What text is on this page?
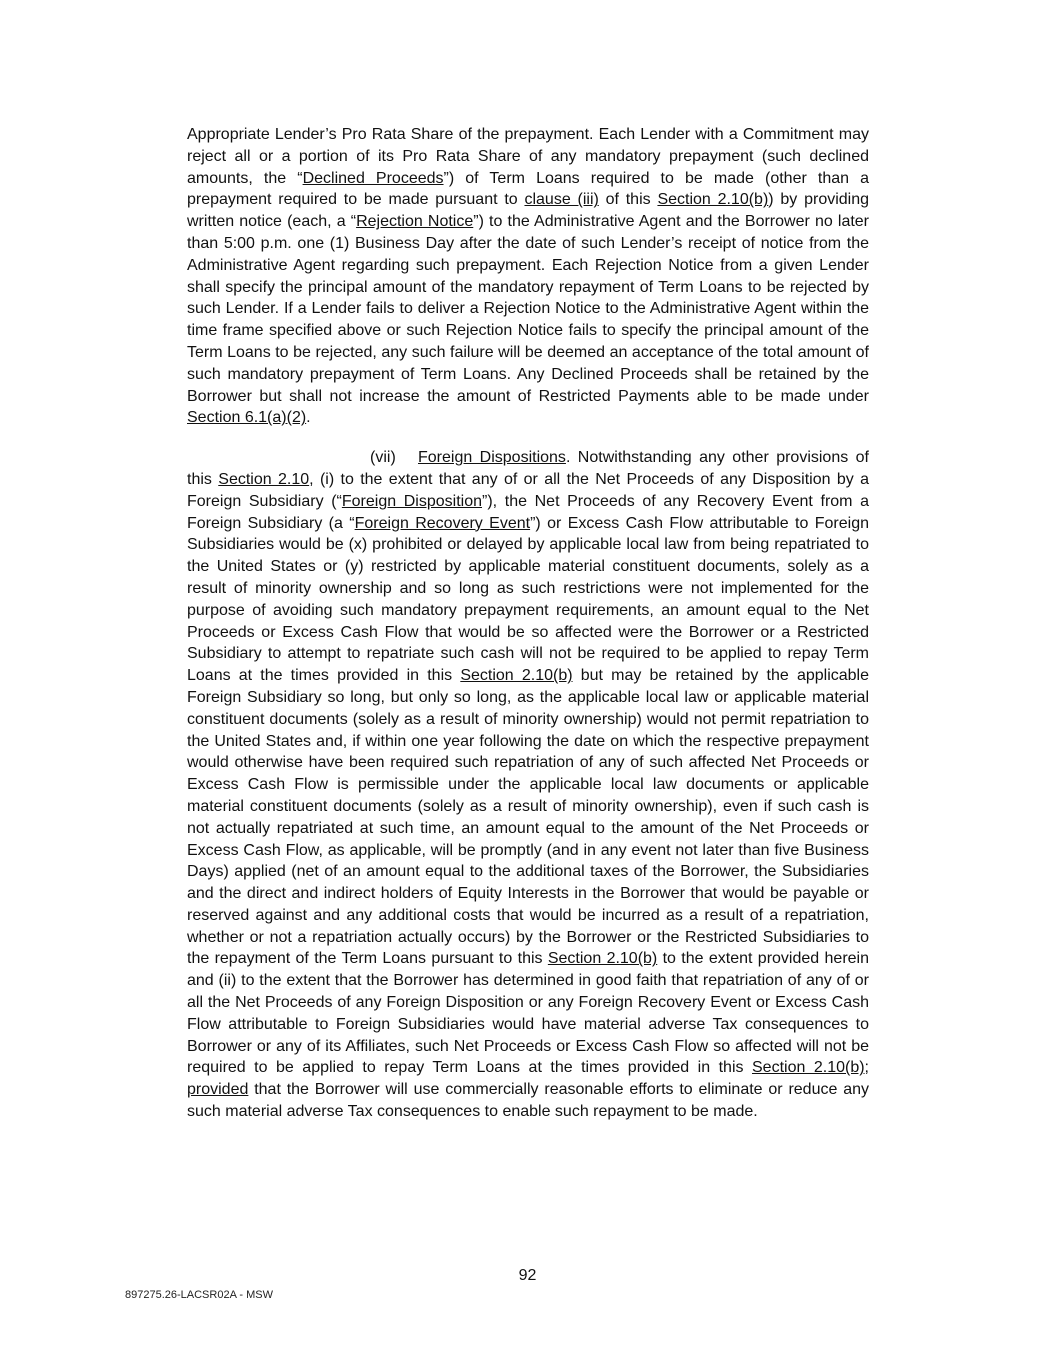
Appropriate Lender’s Pro Rata Share of the prepayment. Each Lender with a Commitment may reject all or a portion of its Pro Rata Share of any mandatory prepayment (such declined amounts, the “Declined Proceeds”) of Term Loans required to be made (other than a prepayment required to be made pursuant to clause (iii) of this Section 2.10(b)) by providing written notice (each, a “Rejection Notice”) to the Administrative Agent and the Borrower no later than 5:00 p.m. one (1) Business Day after the date of such Lender’s receipt of notice from the Administrative Agent regarding such prepayment. Each Rejection Notice from a given Lender shall specify the principal amount of the mandatory repayment of Term Loans to be rejected by such Lender. If a Lender fails to deliver a Rejection Notice to the Administrative Agent within the time frame specified above or such Rejection Notice fails to specify the principal amount of the Term Loans to be rejected, any such failure will be deemed an acceptance of the total amount of such mandatory prepayment of Term Loans. Any Declined Proceeds shall be retained by the Borrower but shall not increase the amount of Restricted Payments able to be made under Section 6.1(a)(2).

(vii) Foreign Dispositions. Notwithstanding any other provisions of this Section 2.10, (i) to the extent that any of or all the Net Proceeds of any Disposition by a Foreign Subsidiary (“Foreign Disposition”), the Net Proceeds of any Recovery Event from a Foreign Subsidiary (a “Foreign Recovery Event”) or Excess Cash Flow attributable to Foreign Subsidiaries would be (x) prohibited or delayed by applicable local law from being repatriated to the United States or (y) restricted by applicable material constituent documents, solely as a result of minority ownership and so long as such restrictions were not implemented for the purpose of avoiding such mandatory prepayment requirements, an amount equal to the Net Proceeds or Excess Cash Flow that would be so affected were the Borrower or a Restricted Subsidiary to attempt to repatriate such cash will not be required to be applied to repay Term Loans at the times provided in this Section 2.10(b) but may be retained by the applicable Foreign Subsidiary so long, but only so long, as the applicable local law or applicable material constituent documents (solely as a result of minority ownership) would not permit repatriation to the United States and, if within one year following the date on which the respective prepayment would otherwise have been required such repatriation of any of such affected Net Proceeds or Excess Cash Flow is permissible under the applicable local law documents or applicable material constituent documents (solely as a result of minority ownership), even if such cash is not actually repatriated at such time, an amount equal to the amount of the Net Proceeds or Excess Cash Flow, as applicable, will be promptly (and in any event not later than five Business Days) applied (net of an amount equal to the additional taxes of the Borrower, the Subsidiaries and the direct and indirect holders of Equity Interests in the Borrower that would be payable or reserved against and any additional costs that would be incurred as a result of a repatriation, whether or not a repatriation actually occurs) by the Borrower or the Restricted Subsidiaries to the repayment of the Term Loans pursuant to this Section 2.10(b) to the extent provided herein and (ii) to the extent that the Borrower has determined in good faith that repatriation of any of or all the Net Proceeds of any Foreign Disposition or any Foreign Recovery Event or Excess Cash Flow attributable to Foreign Subsidiaries would have material adverse Tax consequences to Borrower or any of its Affiliates, such Net Proceeds or Excess Cash Flow so affected will not be required to be applied to repay Term Loans at the times provided in this Section 2.10(b); provided that the Borrower will use commercially reasonable efforts to eliminate or reduce any such material adverse Tax consequences to enable such repayment to be made.

92
897275.26-LACSR02A - MSW
